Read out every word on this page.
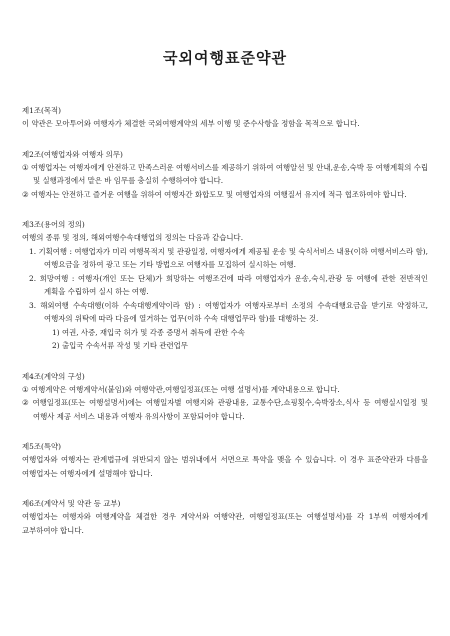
국외여행표준약관

제1조(목적)

이 약관은 모아투어와 여행자가 체결한 국외여행계약의 세부 이행 및 준수사항을 정함을 목적으로 합니다.

제2조(여행업자와 여행자 의무)

① 여행업자는 여행자에게 안전하고 만족스러운 여행서비스를 제공하기 위하여 여행알선 및 안내,운송,숙박 등 여행계획의 수립 및 실행과정에서 맡은 바 임무를 충실히 수행하여야 합니다.

② 여행자는 안전하고 즐거운 여행을 위하여 여행자간 화합도모 및 여행업자의 여행질서 유지에 적극 협조하여야 합니다.

제3조(용어의 정의)

여행의 종류 및 정의, 해외여행수속대행업의 정의는 다음과 같습니다.

1. 기획여행 : 여행업자가 미리 여행목적지 및 관광일정, 여행자에게 제공될 운송 및 숙식서비스 내용(이하 여행서비스라 함), 여행요금을 정하여 광고 또는 기타 방법으로 여행자를 모집하여 실시하는 여행.

2. 희망여행 : 여행자(개인 또는 단체)가 희망하는 여행조건에 따라 여행업자가 운송,숙식,관광 등 여행에 관한 전반적인 계획을 수립하여 실시 하는 여행.

3. 해외여행 수속대행(이하 수속대행계약이라 함) : 여행업자가 여행자로부터 소정의 수속대행요금을 받기로 약정하고, 여행자의 위탁에 따라 다음에 열거하는 업무(이하 수속 대행업무라 함)를 대행하는 것.

1) 여권, 사증, 재입국 허가 및 각종 증명서 취득에 관한 수속

2) 출입국 수속서류 작성 및 기타 관련업무

제4조(계약의 구성)

① 여행계약은 여행계약서(붙임)와 여행약관,여행일정표(또는 여행 설명서)를 계약내용으로 합니다.

② 여행일정표(또는 여행설명서)에는 여행일자별 여행지와 관광내용, 교통수단,쇼핑횟수,숙박장소,식사 등 여행실시일정 및 여행사 제공 서비스 내용과 여행자 유의사항이 포함되어야 합니다.

제5조(특약)

여행업자와 여행자는 관계법규에 위반되지 않는 범위내에서 서면으로 특약을 맺을 수 있습니다. 이 경우 표준약관과 다름을 여행업자는 여행자에게 설명해야 합니다.

제6조(계약서 및 약관 등 교부)

여행업자는 여행자와 여행계약을 체결한 경우 계약서와 여행약관, 여행일정표(또는 여행설명서)를 각 1부씩 여행자에게 교부하여야 합니다.
